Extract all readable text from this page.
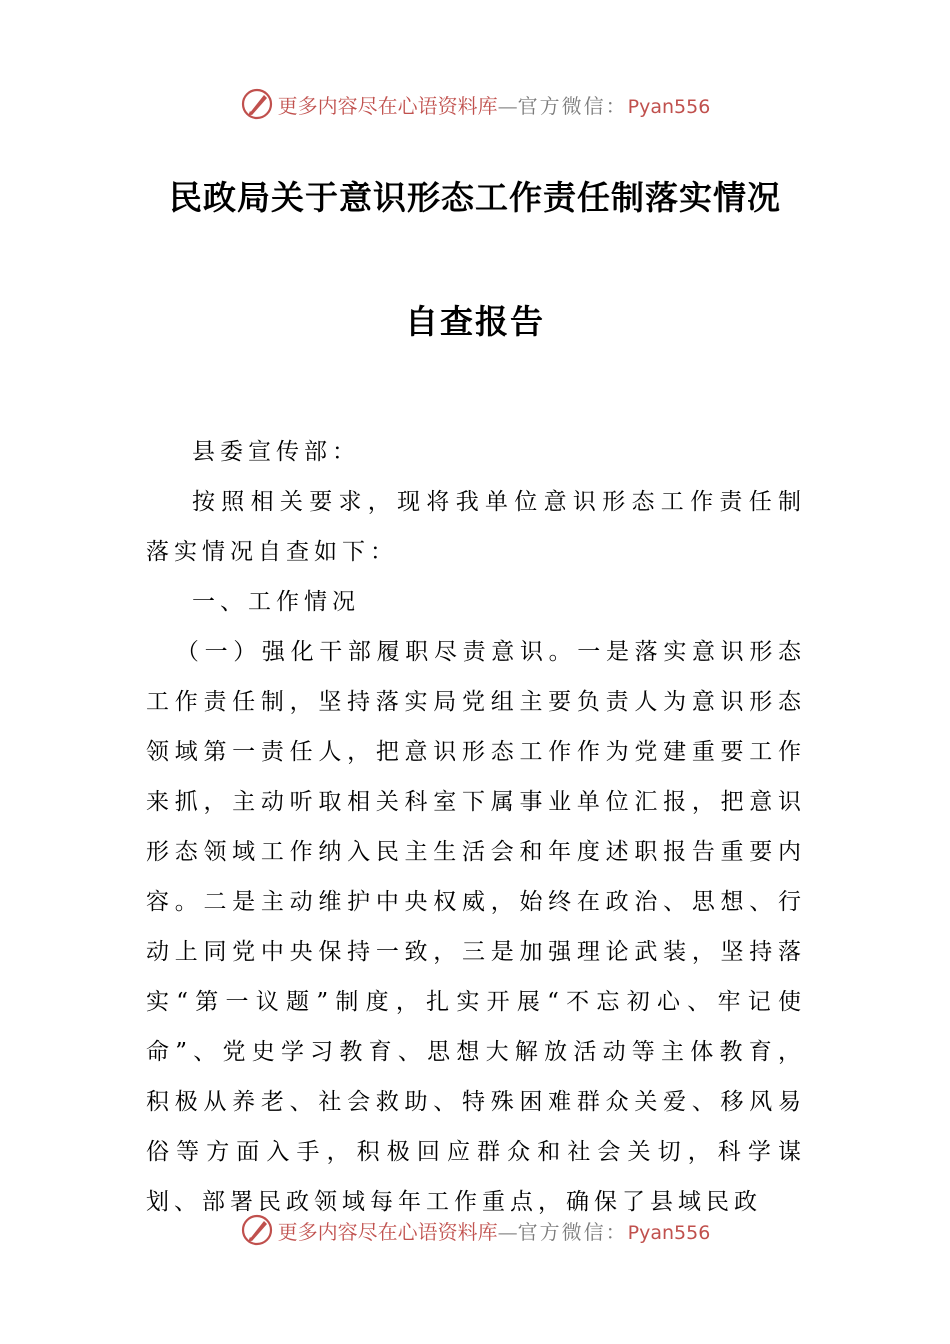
更多内容尽在心语资料库—官方微信：Pyan556
民政局关于意识形态工作责任制落实情况
自查报告

县委宣传部：

按照相关要求，现将我单位意识形态工作责任制落实情况自查如下：

一、工作情况

（一）强化干部履职尽责意识。一是落实意识形态工作责任制，坚持落实局党组主要负责人为意识形态领域第一责任人，把意识形态工作作为党建重要工作来抓，主动听取相关科室下属事业单位汇报，把意识形态领域工作纳入民主生活会和年度述职报告重要内容。二是主动维护中央权威，始终在政治、思想、行动上同党中央保持一致，三是加强理论武装，坚持落实“第一议题”制度，扎实开展“不忘初心、牢记使命”、党史学习教育、思想大解放活动等主体教育，积极从养老、社会救助、特殊困难群众关爱、移风易俗等方面入手，积极回应群众和社会关切，科学谋划、部署民政领域每年工作重点，确保了县域民政

更多内容尽在心语资料库—官方微信：Pyan556
